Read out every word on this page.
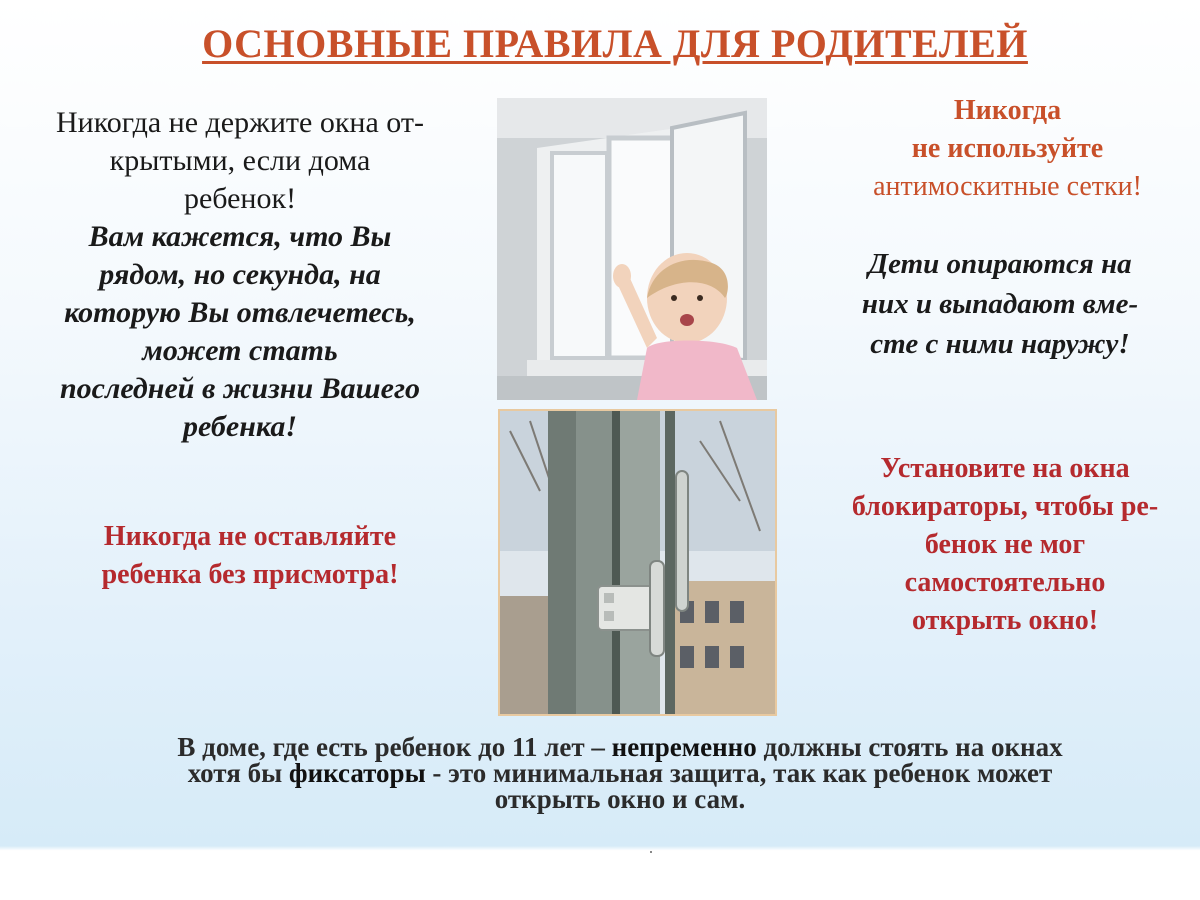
ОСНОВНЫЕ ПРАВИЛА ДЛЯ РОДИТЕЛЕЙ
Никогда не держите окна от-
крытыми, если дома
ребенок!
Вам кажется, что Вы
рядом, но секунда, на
которую Вы отвлечетесь,
может стать
последней в жизни Вашего
ребенка!
Никогда не оставляйте
ребенка без присмотра!
Никогда
не используйте
антимоскитные сетки!
Дети опираются на
них и выпадают вме-
сте с ними наружу!
Установите на окна
блокираторы, чтобы ре-
бенок не мог
самостоятельно
открыть окно!
В доме, где есть ребенок до 11 лет – непременно должны стоять на окнах
хотя бы фиксаторы - это минимальная защита, так как ребенок может
открыть окно и сам.
